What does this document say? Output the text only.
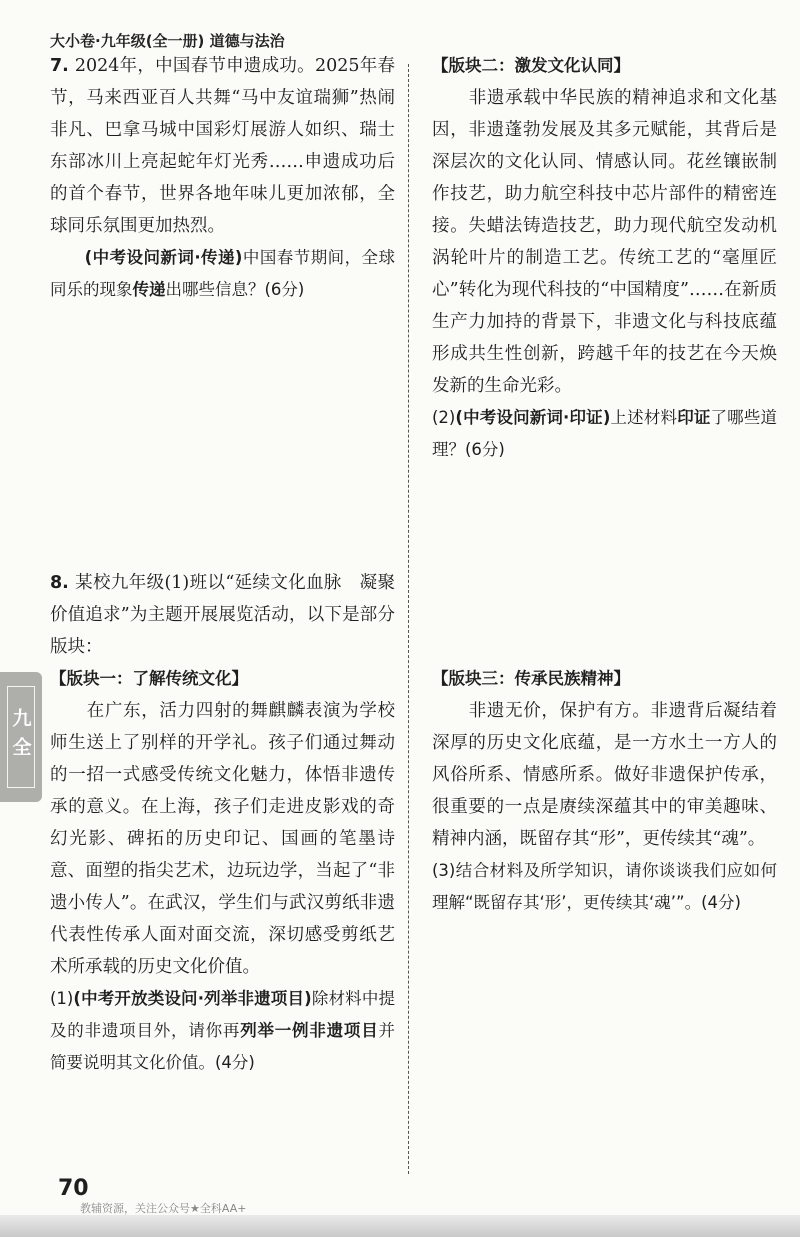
大小卷·九年级(全一册) 道德与法治

7. 2024年，中国春节申遗成功。2025年春节，马来西亚百人共舞“马中友谊瑞狮”热闹非凡、巴拿马城中国彩灯展游人如织、瑞士东部冰川上亮起蛇年灯光秀……申遗成功后的首个春节，世界各地年味儿更加浓郁，全球同乐氛围更加热烈。

(中考设问新词·传递)中国春节期间，全球同乐的现象传递出哪些信息？(6分)

8. 某校九年级(1)班以“延续文化血脉　凝聚价值追求”为主题开展展览活动，以下是部分版块：

【版块一：了解传统文化】

在广东，活力四射的舞麒麟表演为学校师生送上了别样的开学礼。孩子们通过舞动的一招一式感受传统文化魅力，体悟非遗传承的意义。在上海，孩子们走进皮影戏的奇幻光影、碑拓的历史印记、国画的笔墨诗意、面塑的指尖艺术，边玩边学，当起了“非遗小传人”。在武汉，学生们与武汉剪纸非遗代表性传承人面对面交流，深切感受剪纸艺术所承载的历史文化价值。

(1)(中考开放类设问·列举非遗项目)除材料中提及的非遗项目外，请你再列举一例非遗项目并简要说明其文化价值。(4分)

【版块二：激发文化认同】

非遗承载中华民族的精神追求和文化基因，非遗蓬勃发展及其多元赋能，其背后是深层次的文化认同、情感认同。花丝镶嵌制作技艺，助力航空科技中芯片部件的精密连接。失蜡法铸造技艺，助力现代航空发动机涡轮叶片的制造工艺。传统工艺的“毫厘匠心”转化为现代科技的“中国精度”……在新质生产力加持的背景下，非遗文化与科技底蕴形成共生性创新，跨越千年的技艺在今天焕发新的生命光彩。

(2)(中考设问新词·印证)上述材料印证了哪些道理？(6分)

【版块三：传承民族精神】

非遗无价，保护有方。非遗背后凝结着深厚的历史文化底蕴，是一方水土一方人的风俗所系、情感所系。做好非遗保护传承，很重要的一点是赓续深蕴其中的审美趣味、精神内涵，既留存其“形”，更传续其“魂”。

(3)结合材料及所学知识，请你谈谈我们应如何理解“既留存其‘形’，更传续其‘魂’”。(4分)

九全
70
教辅资源，关注公众号★全科AA+
